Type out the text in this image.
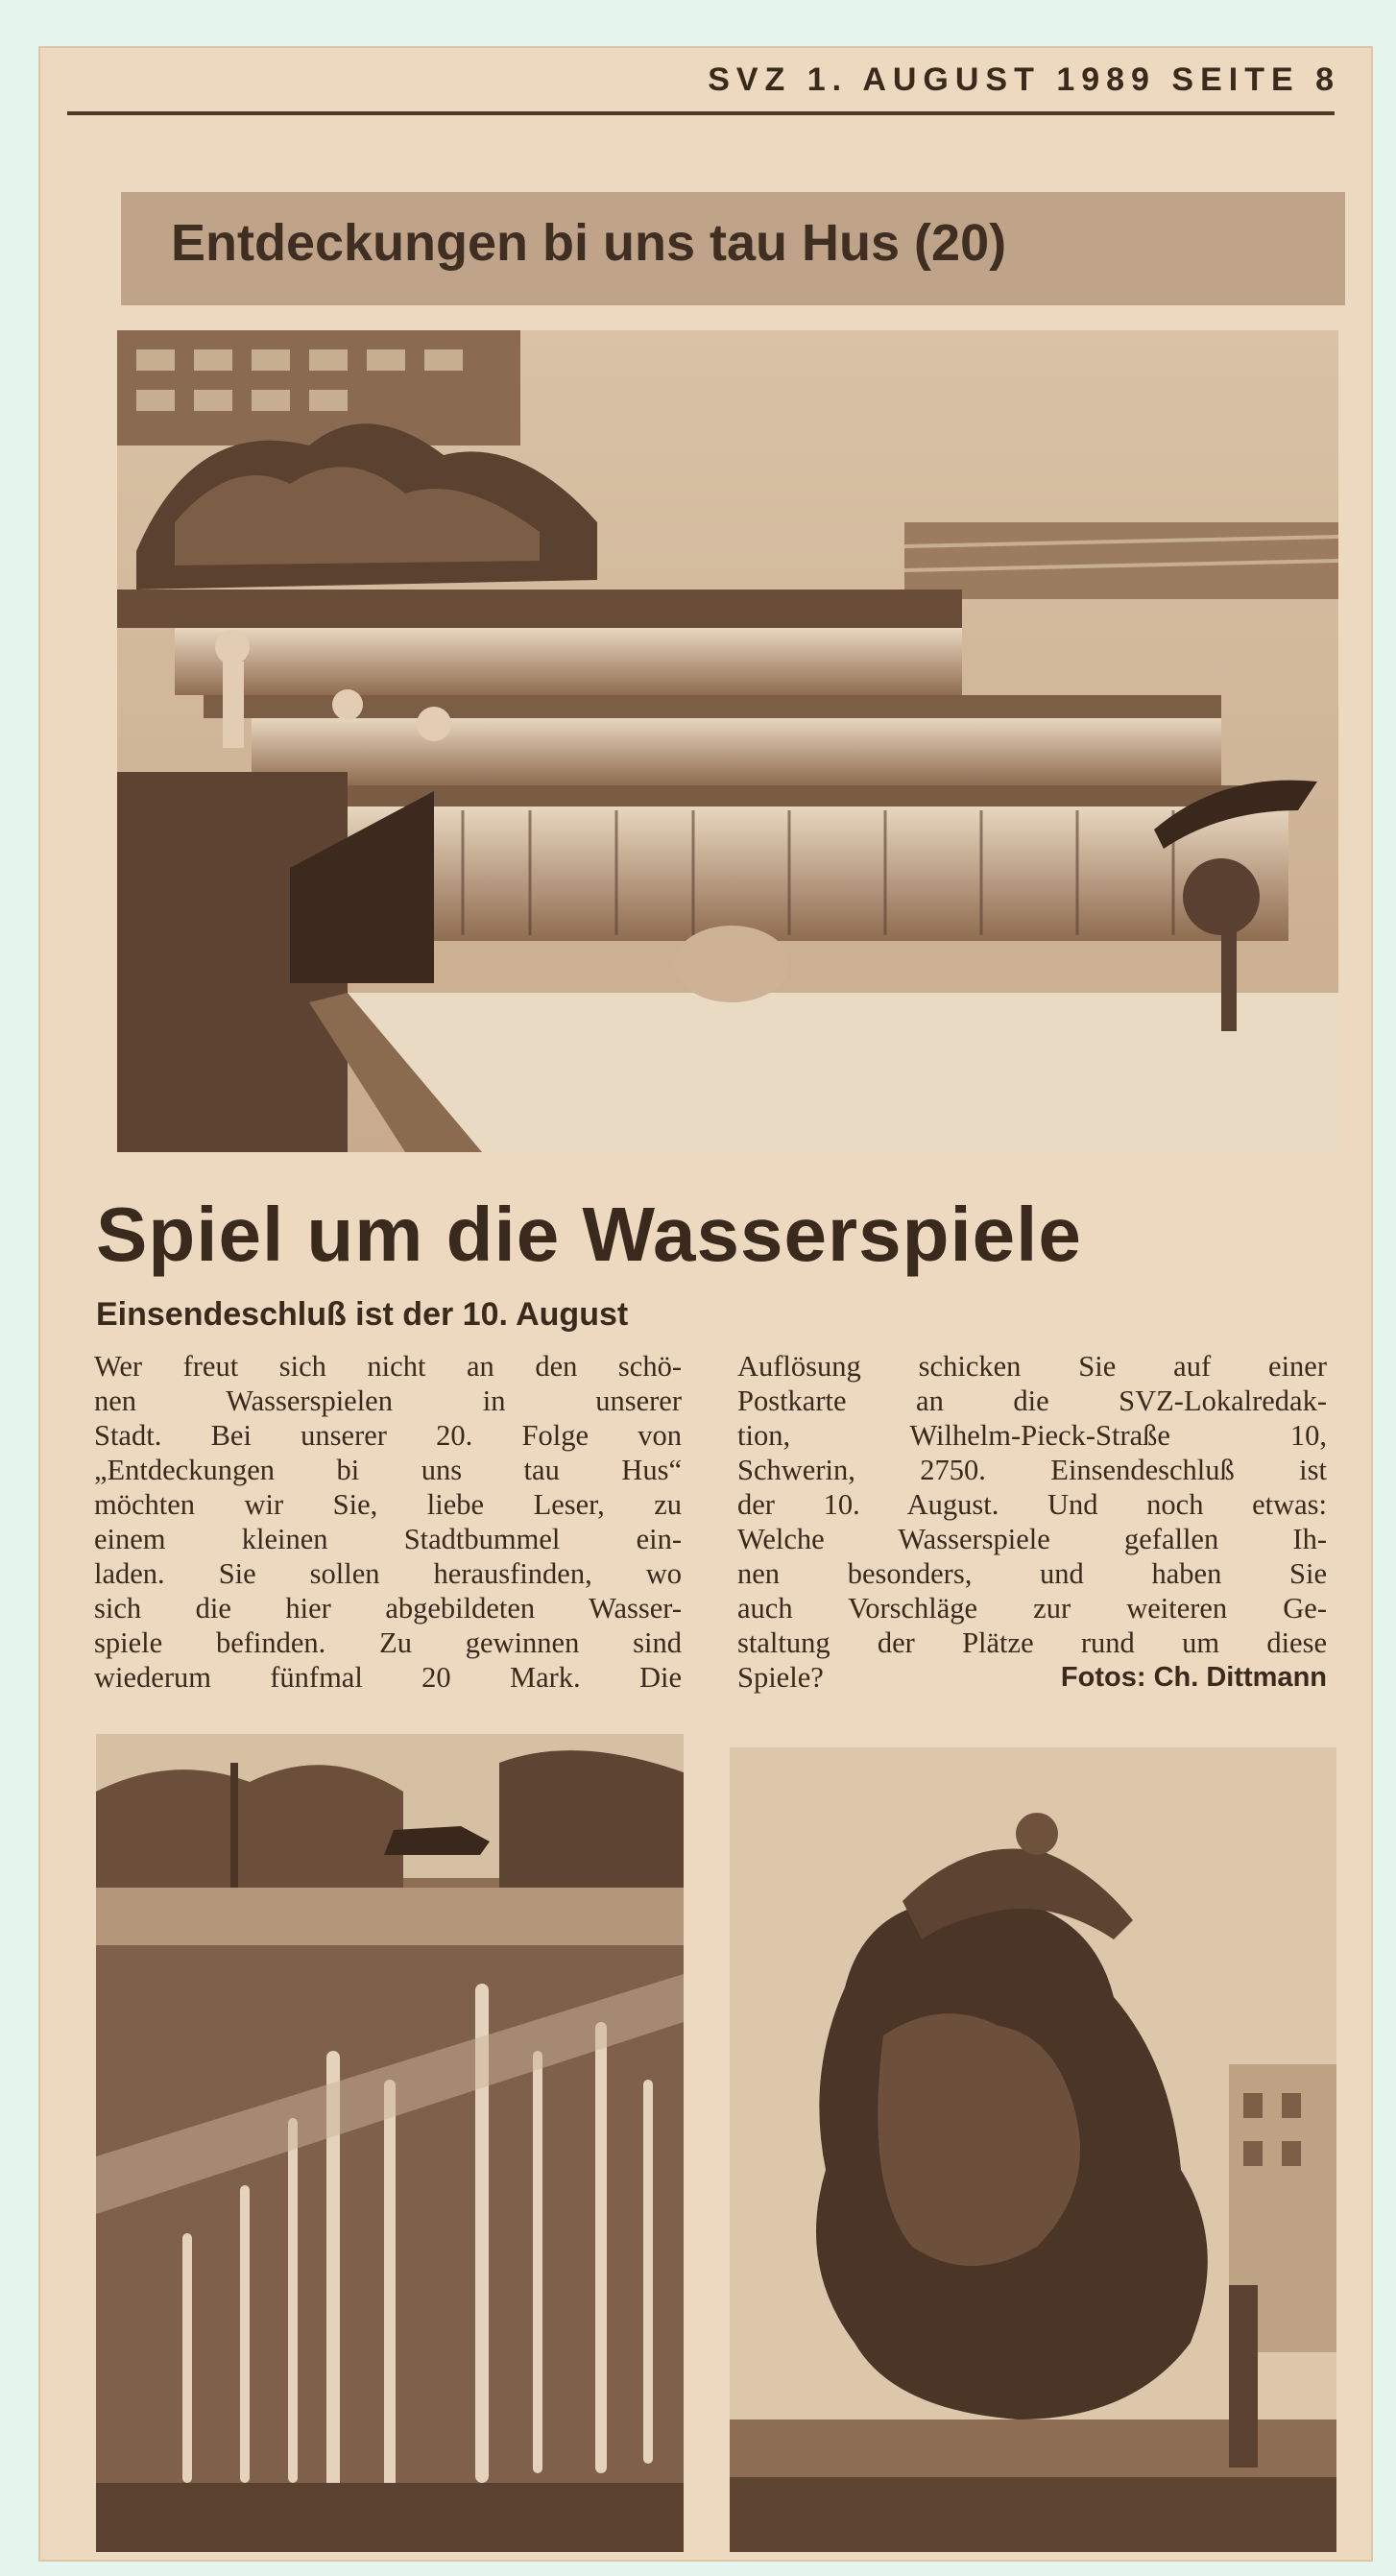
SVZ 1. AUGUST 1989 SEITE 8
Entdeckungen bi uns tau Hus (20)
Spiel um die Wasserspiele
Einsendeschluß ist der 10. August
Wer freut sich nicht an den schö-
nen Wasserspielen in unserer
Stadt. Bei unserer 20. Folge von
„Entdeckungen bi uns tau Hus“
möchten wir Sie, liebe Leser, zu
einem kleinen Stadtbummel ein-
laden. Sie sollen herausfinden, wo
sich die hier abgebildeten Wasser-
spiele befinden. Zu gewinnen sind
wiederum fünfmal 20 Mark. Die
Auflösung schicken Sie auf einer
Postkarte an die SVZ-Lokalredak-
tion, Wilhelm-Pieck-Straße 10,
Schwerin, 2750. Einsendeschluß ist
der 10. August. Und noch etwas:
Welche Wasserspiele gefallen Ih-
nen besonders, und haben Sie
auch Vorschläge zur weiteren Ge-
staltung der Plätze rund um diese
Spiele?	Fotos: Ch. Dittmann
